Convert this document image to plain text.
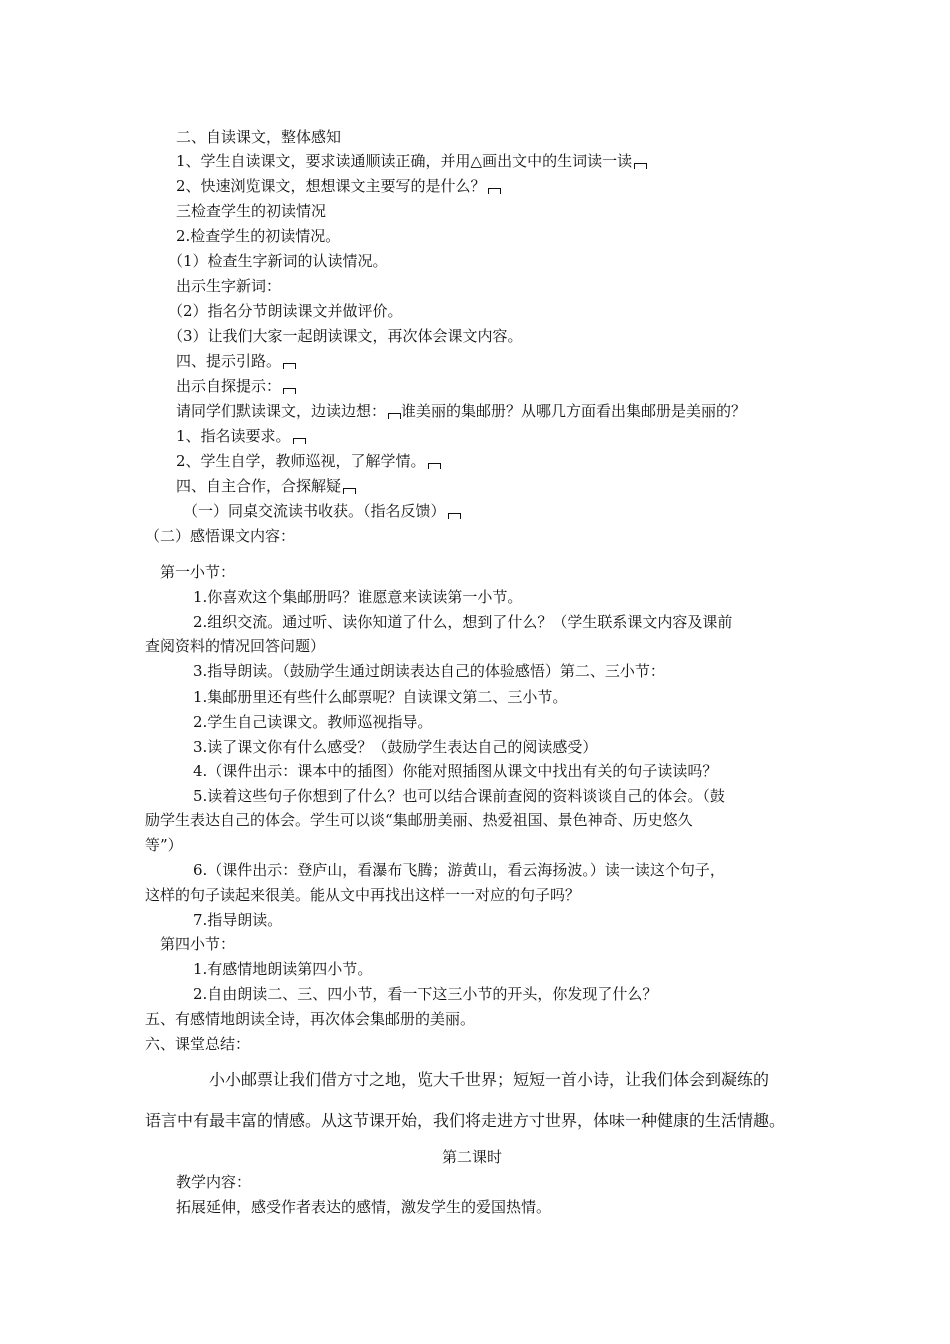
二、自读课文，整体感知
1、学生自读课文，要求读通顺读正确，并用△画出文中的生词读一读
2、快速浏览课文，想想课文主要写的是什么？
三检查学生的初读情况
2.检查学生的初读情况。
（1）检查生字新词的认读情况。
出示生字新词：
（2）指名分节朗读课文并做评价。
（3）让我们大家一起朗读课文，再次体会课文内容。
四、提示引路。
出示自探提示：
请同学们默读课文，边读边想： 谁美丽的集邮册？从哪几方面看出集邮册是美丽的？
1、指名读要求。
2、学生自学，教师巡视，了解学情。
四、自主合作，合探解疑
（一）同桌交流读书收获。（指名反馈）
（二）感悟课文内容：
第一小节：
1.你喜欢这个集邮册吗？谁愿意来读读第一小节。
2.组织交流。通过听、读你知道了什么，想到了什么？（学生联系课文内容及课前
查阅资料的情况回答问题）
3.指导朗读。（鼓励学生通过朗读表达自己的体验感悟）第二、三小节：
1.集邮册里还有些什么邮票呢？自读课文第二、三小节。
2.学生自己读课文。教师巡视指导。
3.读了课文你有什么感受？（鼓励学生表达自己的阅读感受）
4.（课件出示：课本中的插图）你能对照插图从课文中找出有关的句子读读吗？
5.读着这些句子你想到了什么？也可以结合课前查阅的资料谈谈自己的体会。（鼓
励学生表达自己的体会。学生可以谈“集邮册美丽、热爱祖国、景色神奇、历史悠久
等”）
6.（课件出示：登庐山，看瀑布飞腾；游黄山，看云海扬波。）读一读这个句子，
这样的句子读起来很美。能从文中再找出这样一一对应的句子吗？
7.指导朗读。
第四小节：
1.有感情地朗读第四小节。
2.自由朗读二、三、四小节，看一下这三小节的开头，你发现了什么？
五、有感情地朗读全诗，再次体会集邮册的美丽。
六、课堂总结：
小小邮票让我们借方寸之地，览大千世界；短短一首小诗，让我们体会到凝练的
语言中有最丰富的情感。从这节课开始，我们将走进方寸世界，体味一种健康的生活情趣。
第二课时
教学内容：
拓展延伸，感受作者表达的感情，激发学生的爱国热情。
